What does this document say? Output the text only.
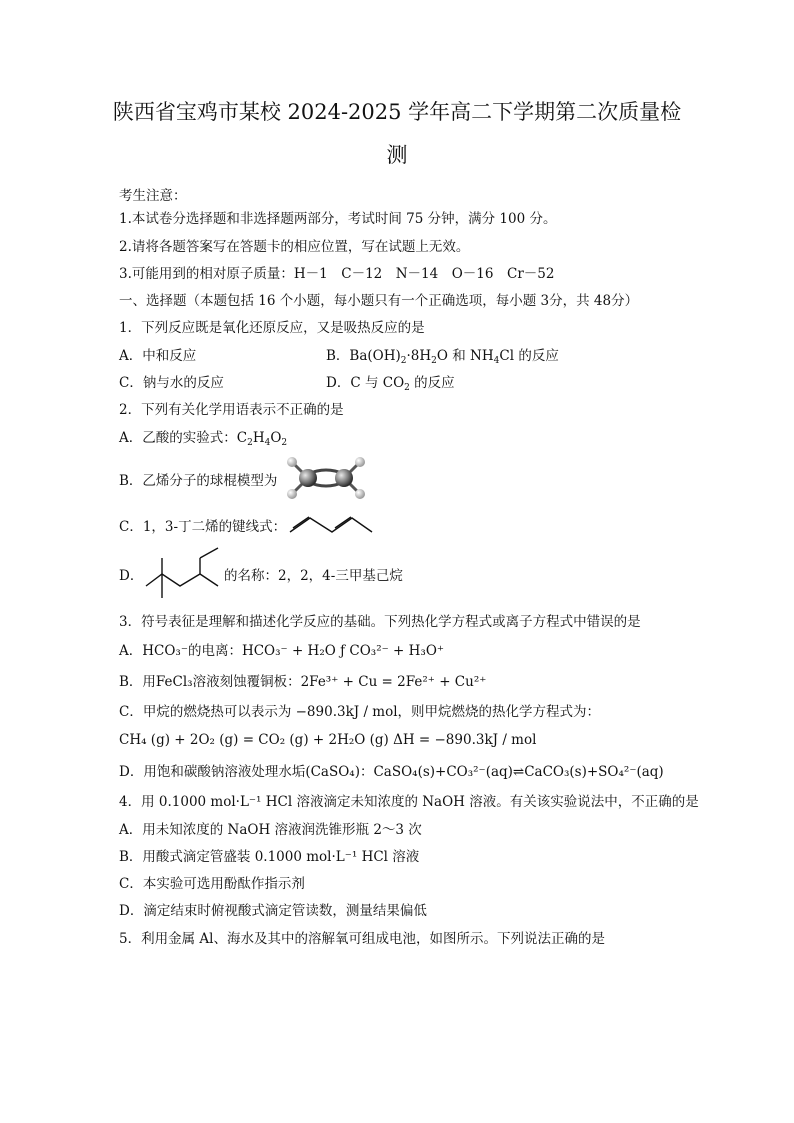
陕西省宝鸡市某校 2024-2025 学年高二下学期第二次质量检
测
考生注意：
1.本试卷分选择题和非选择题两部分，考试时间 75 分钟，满分 100 分。
2.请将各题答案写在答题卡的相应位置，写在试题上无效。
3.可能用到的相对原子质量：H－1　C－12　N－14　O－16　Cr－52
一、选择题（本题包括 16 个小题，每小题只有一个正确选项，每小题 3分，共 48分）
1．下列反应既是氧化还原反应，又是吸热反应的是
A．中和反应	B．$Ba(OH)_2\cdot 8H_2O$ 和 $NH_4Cl$ 的反应
C．钠与水的反应	D．C 与 $CO_2$ 的反应
2．下列有关化学用语表示不正确的是
A．乙酸的实验式：$C_2H_4O_2$
B．乙烯分子的球棍模型为
C．1，3-丁二烯的键线式：
D．	的名称：2，2，4-三甲基己烷
3．符号表征是理解和描述化学反应的基础。下列热化学方程式或离子方程式中错误的是
A．HCO₃⁻的电离：HCO₃⁻ + H₂O ƒ CO₃²⁻ + H₃O⁺
B．用FeCl₃溶液刻蚀覆铜板：2Fe³⁺ + Cu = 2Fe²⁺ + Cu²⁺
C．甲烷的燃烧热可以表示为 −890.3kJ / mol，则甲烷燃烧的热化学方程式为：
CH₄ (g) + 2O₂ (g) = CO₂ (g) + 2H₂O (g) ΔH = −890.3kJ / mol
D．用饱和碳酸钠溶液处理水垢(CaSO₄)：CaSO₄(s)+CO₃²⁻(aq)⇌CaCO₃(s)+SO₄²⁻(aq)
4．用 0.1000 mol·L⁻¹ HCl 溶液滴定未知浓度的 NaOH 溶液。有关该实验说法中，不正确的是
A．用未知浓度的 NaOH 溶液润洗锥形瓶 2～3 次
B．用酸式滴定管盛装 0.1000 mol·L⁻¹ HCl 溶液
C．本实验可选用酚酞作指示剂
D．滴定结束时俯视酸式滴定管读数，测量结果偏低
5．利用金属 Al、海水及其中的溶解氧可组成电池，如图所示。下列说法正确的是
